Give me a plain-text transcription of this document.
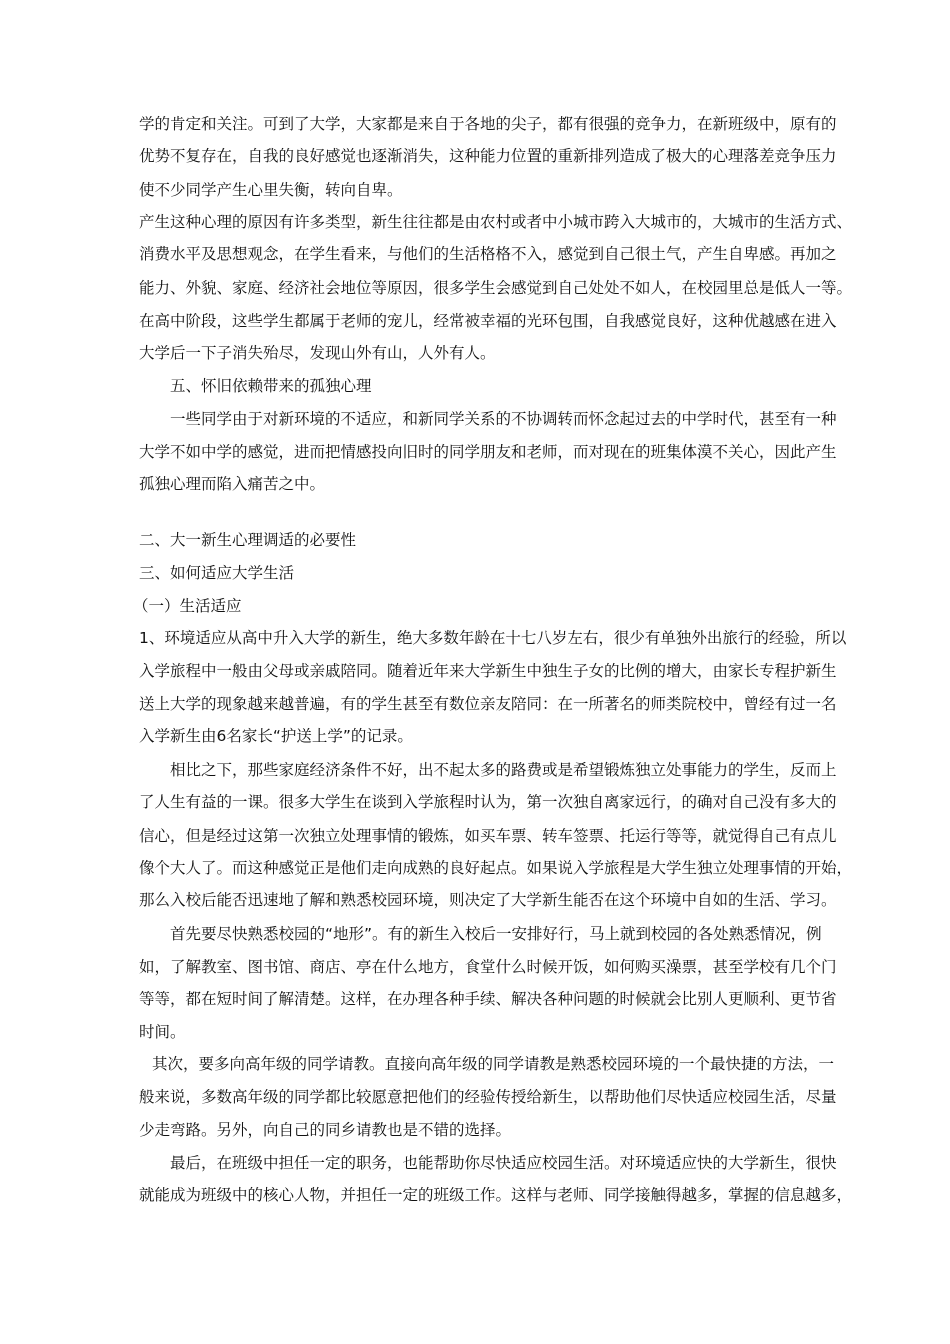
学的肯定和关注。可到了大学，大家都是来自于各地的尖子，都有很强的竞争力，在新班级中，原有的
优势不复存在，自我的良好感觉也逐渐消失，这种能力位置的重新排列造成了极大的心理落差竞争压力
使不少同学产生心里失衡，转向自卑。
产生这种心理的原因有许多类型，新生往往都是由农村或者中小城市跨入大城市的，大城市的生活方式、
消费水平及思想观念，在学生看来，与他们的生活格格不入，感觉到自己很土气，产生自卑感。再加之
能力、外貌、家庭、经济社会地位等原因，很多学生会感觉到自己处处不如人，在校园里总是低人一等。
在高中阶段，这些学生都属于老师的宠儿，经常被幸福的光环包围，自我感觉良好，这种优越感在进入
大学后一下子消失殆尽，发现山外有山，人外有人。
五、怀旧依赖带来的孤独心理
一些同学由于对新环境的不适应，和新同学关系的不协调转而怀念起过去的中学时代，甚至有一种
大学不如中学的感觉，进而把情感投向旧时的同学朋友和老师，而对现在的班集体漠不关心，因此产生
孤独心理而陷入痛苦之中。
二、大一新生心理调适的必要性
三、如何适应大学生活
（一）生活适应
1、环境适应从高中升入大学的新生，绝大多数年龄在十七八岁左右，很少有单独外出旅行的经验，所以
入学旅程中一般由父母或亲戚陪同。随着近年来大学新生中独生子女的比例的增大，由家长专程护新生
送上大学的现象越来越普遍，有的学生甚至有数位亲友陪同：在一所著名的师类院校中，曾经有过一名
入学新生由6名家长“护送上学”的记录。
相比之下，那些家庭经济条件不好，出不起太多的路费或是希望锻炼独立处事能力的学生，反而上
了人生有益的一课。很多大学生在谈到入学旅程时认为，第一次独自离家远行，的确对自己没有多大的
信心，但是经过这第一次独立处理事情的锻炼，如买车票、转车签票、托运行等等，就觉得自己有点儿
像个大人了。而这种感觉正是他们走向成熟的良好起点。如果说入学旅程是大学生独立处理事情的开始，
那么入校后能否迅速地了解和熟悉校园环境，则决定了大学新生能否在这个环境中自如的生活、学习。
首先要尽快熟悉校园的“地形”。有的新生入校后一安排好行，马上就到校园的各处熟悉情况，例
如，了解教室、图书馆、商店、亭在什么地方，食堂什么时候开饭，如何购买澡票，甚至学校有几个门
等等，都在短时间了解清楚。这样，在办理各种手续、解决各种问题的时候就会比别人更顺利、更节省
时间。
其次，要多向高年级的同学请教。直接向高年级的同学请教是熟悉校园环境的一个最快捷的方法，一
般来说，多数高年级的同学都比较愿意把他们的经验传授给新生，以帮助他们尽快适应校园生活，尽量
少走弯路。另外，向自己的同乡请教也是不错的选择。
最后，在班级中担任一定的职务，也能帮助你尽快适应校园生活。对环境适应快的大学新生，很快
就能成为班级中的核心人物，并担任一定的班级工作。这样与老师、同学接触得越多，掌握的信息越多，
